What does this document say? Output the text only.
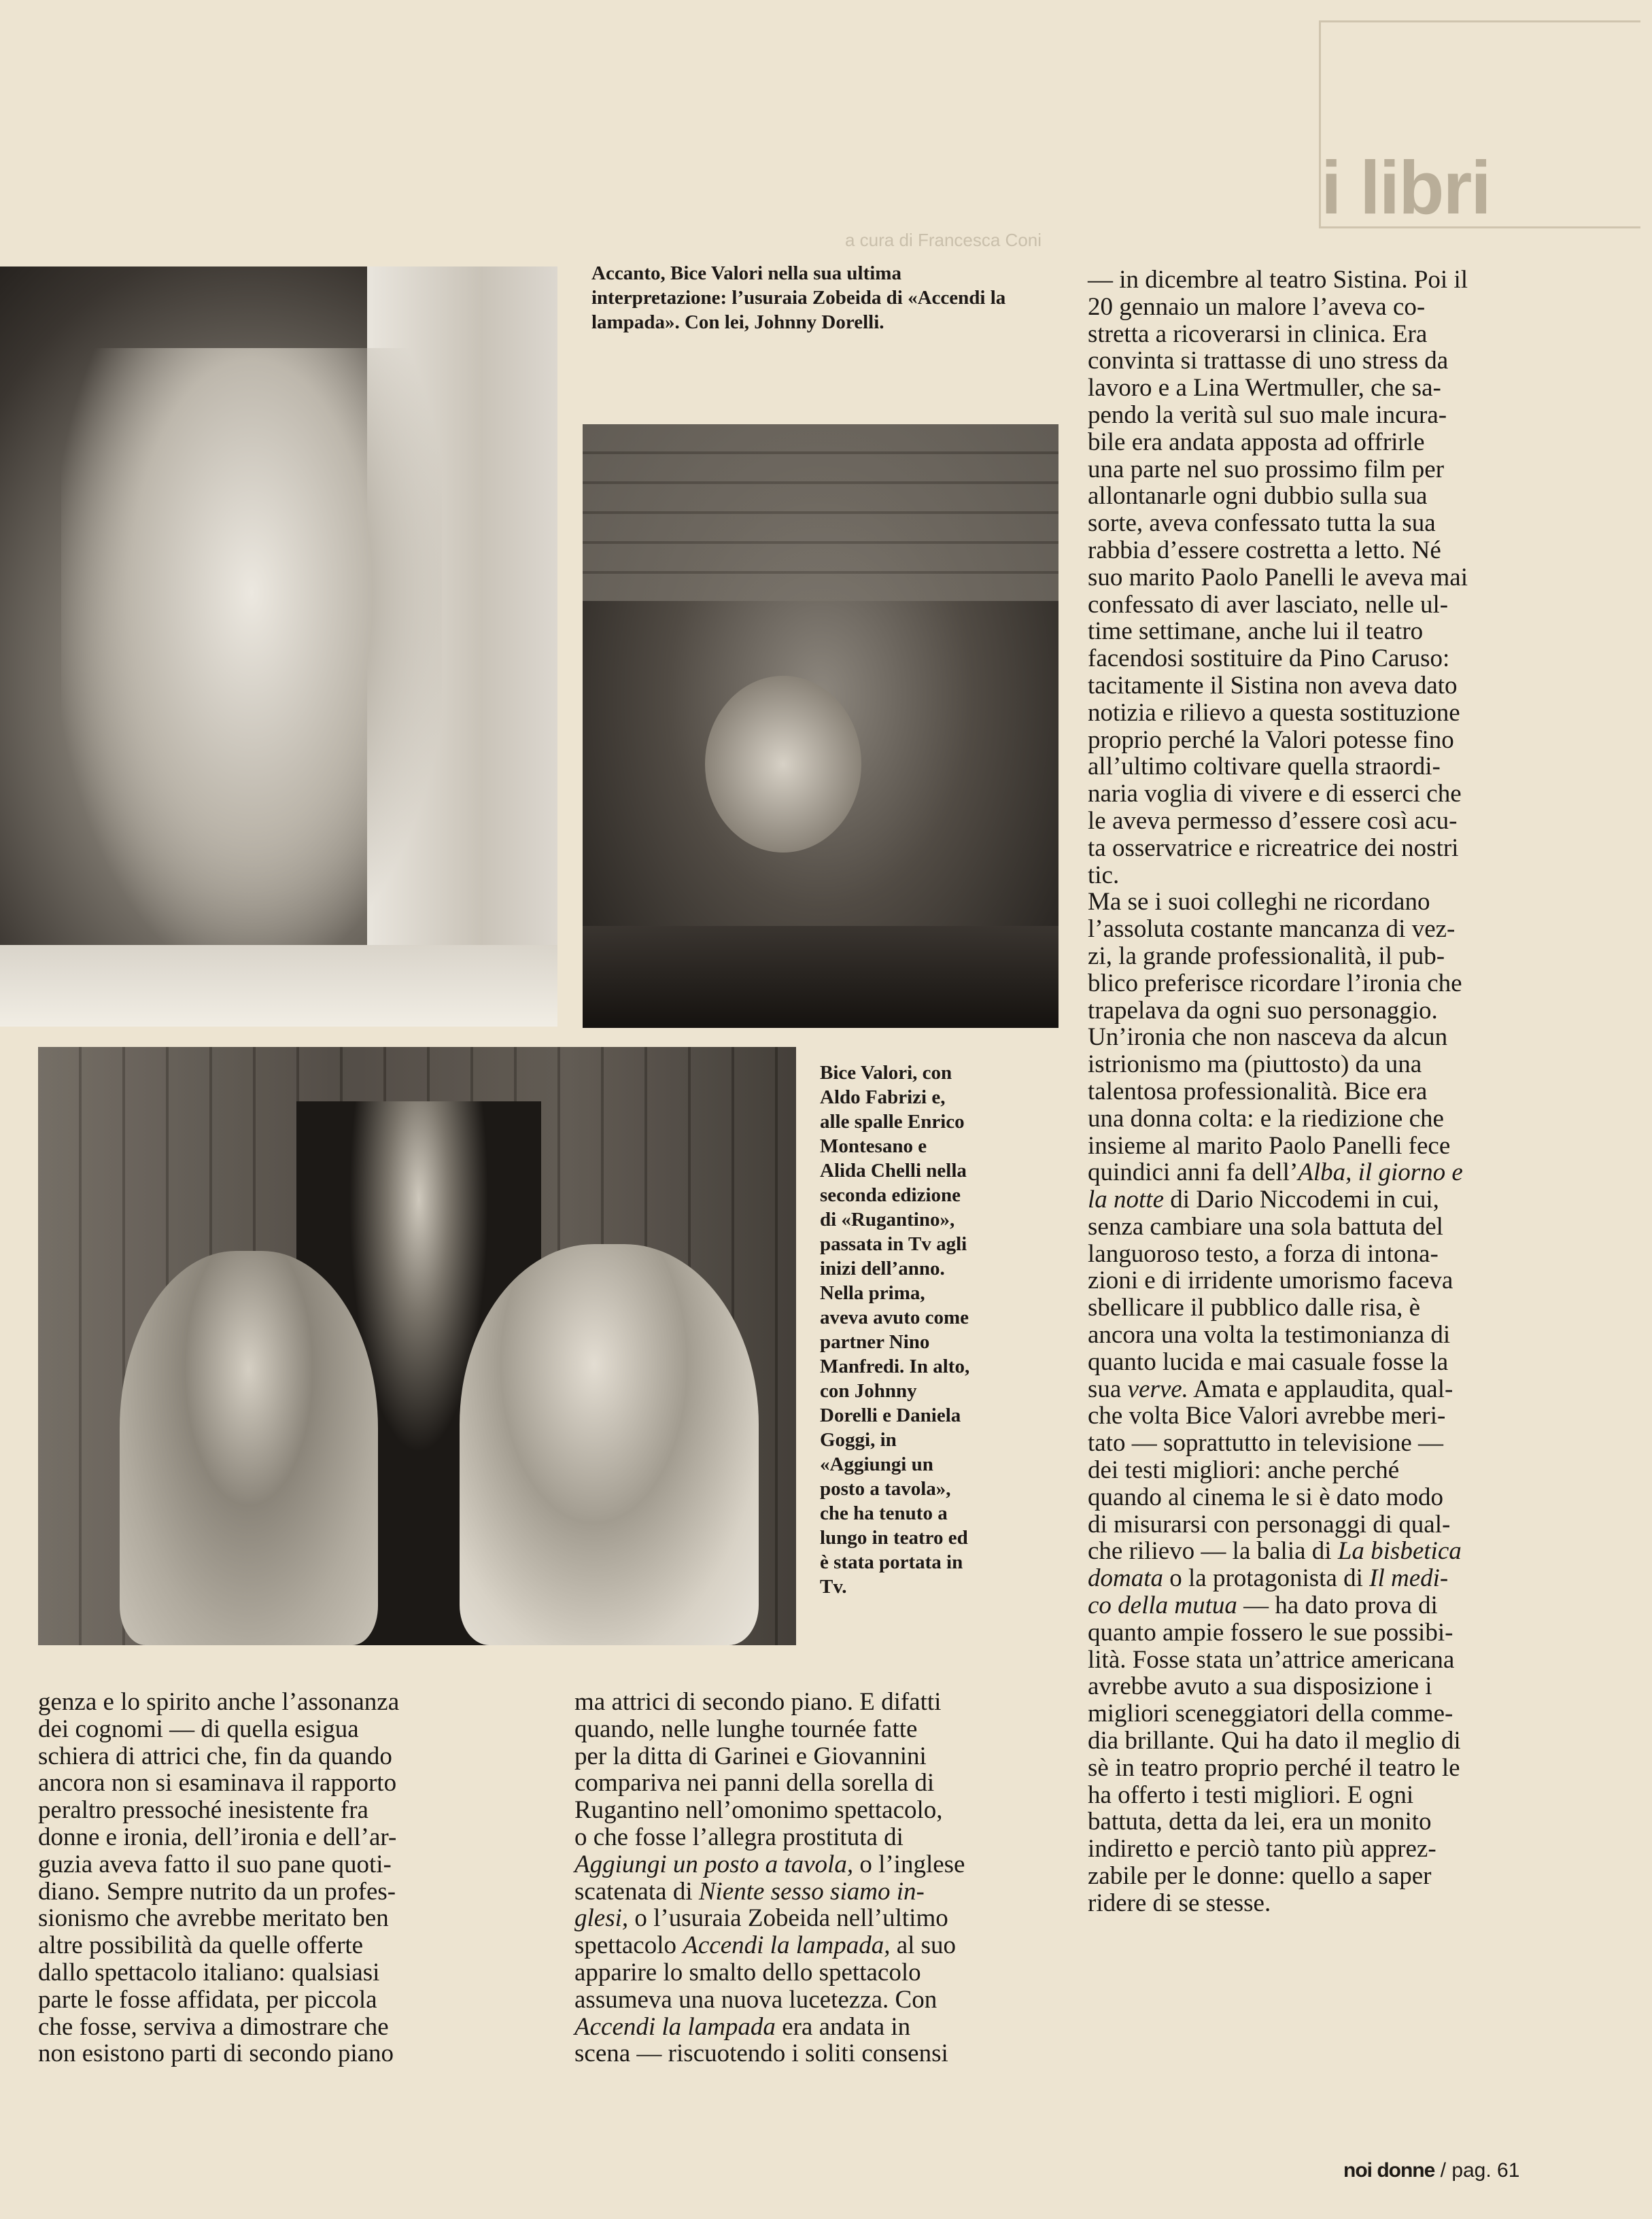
i libri
a cura di Francesca Coni

Accanto, Bice Valori nella sua ultima interpretazione: l’usuraia Zobeida di «Accendi la lampada». Con lei, Johnny Dorelli.

Bice Valori, con
Aldo Fabrizi e,
alle spalle Enrico
Montesano e
Alida Chelli nella
seconda edizione
di «Rugantino»,
passata in Tv agli
inizi dell’anno.
Nella prima,
aveva avuto come
partner Nino
Manfredi. In alto,
con Johnny
Dorelli e Daniela
Goggi, in
«Aggiungi un
posto a tavola»,
che ha tenuto a
lungo in teatro ed
è stata portata in
Tv.

— in dicembre al teatro Sistina. Poi il
20 gennaio un malore l’aveva co-
stretta a ricoverarsi in clinica. Era
convinta si trattasse di uno stress da
lavoro e a Lina Wertmuller, che sa-
pendo la verità sul suo male incura-
bile era andata apposta ad offrirle
una parte nel suo prossimo film per
allontanarle ogni dubbio sulla sua
sorte, aveva confessato tutta la sua
rabbia d’essere costretta a letto. Né
suo marito Paolo Panelli le aveva mai
confessato di aver lasciato, nelle ul-
time settimane, anche lui il teatro
facendosi sostituire da Pino Caruso:
tacitamente il Sistina non aveva dato
notizia e rilievo a questa sostituzione
proprio perché la Valori potesse fino
all’ultimo coltivare quella straordi-
naria voglia di vivere e di esserci che
le aveva permesso d’essere così acu-
ta osservatrice e ricreatrice dei nostri
tic.
Ma se i suoi colleghi ne ricordano
l’assoluta costante mancanza di vez-
zi, la grande professionalità, il pub-
blico preferisce ricordare l’ironia che
trapelava da ogni suo personaggio.
Un’ironia che non nasceva da alcun
istrionismo ma (piuttosto) da una
talentosa professionalità. Bice era
una donna colta: e la riedizione che
insieme al marito Paolo Panelli fece
quindici anni fa dell’Alba, il giorno e
la notte di Dario Niccodemi in cui,
senza cambiare una sola battuta del
languoroso testo, a forza di intona-
zioni e di irridente umorismo faceva
sbellicare il pubblico dalle risa, è
ancora una volta la testimonianza di
quanto lucida e mai casuale fosse la
sua verve. Amata e applaudita, qual-
che volta Bice Valori avrebbe meri-
tato — soprattutto in televisione —
dei testi migliori: anche perché
quando al cinema le si è dato modo
di misurarsi con personaggi di qual-
che rilievo — la balia di La bisbetica
domata o la protagonista di Il medi-
co della mutua — ha dato prova di
quanto ampie fossero le sue possibi-
lità. Fosse stata un’attrice americana
avrebbe avuto a sua disposizione i
migliori sceneggiatori della comme-
dia brillante. Qui ha dato il meglio di
sè in teatro proprio perché il teatro le
ha offerto i testi migliori. E ogni
battuta, detta da lei, era un monito
indiretto e perciò tanto più apprez-
zabile per le donne: quello a saper
ridere di se stesse.

genza e lo spirito anche l’assonanza
dei cognomi — di quella esigua
schiera di attrici che, fin da quando
ancora non si esaminava il rapporto
peraltro pressoché inesistente fra
donne e ironia, dell’ironia e dell’ar-
guzia aveva fatto il suo pane quoti-
diano. Sempre nutrito da un profes-
sionismo che avrebbe meritato ben
altre possibilità da quelle offerte
dallo spettacolo italiano: qualsiasi
parte le fosse affidata, per piccola
che fosse, serviva a dimostrare che
non esistono parti di secondo piano

ma attrici di secondo piano. E difatti
quando, nelle lunghe tournée fatte
per la ditta di Garinei e Giovannini
compariva nei panni della sorella di
Rugantino nell’omonimo spettacolo,
o che fosse l’allegra prostituta di
Aggiungi un posto a tavola, o l’inglese
scatenata di Niente sesso siamo in-
glesi, o l’usuraia Zobeida nell’ultimo
spettacolo Accendi la lampada, al suo
apparire lo smalto dello spettacolo
assumeva una nuova lucetezza. Con
Accendi la lampada era andata in
scena — riscuotendo i soliti consensi

noi donne / pag. 61
